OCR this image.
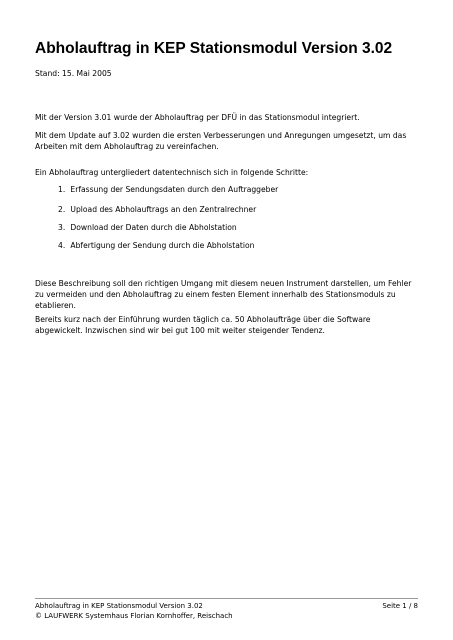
Abholauftrag in KEP Stationsmodul Version 3.02

Stand: 15. Mai 2005

Mit der Version 3.01 wurde der Abholauftrag per DFÜ in das Stationsmodul integriert.

Mit dem Update auf 3.02 wurden die ersten Verbesserungen und Anregungen umgesetzt, um das Arbeiten mit dem Abholauftrag zu vereinfachen.

Ein Abholauftrag untergliedert datentechnisch sich in folgende Schritte:

1. Erfassung der Sendungsdaten durch den Auftraggeber

2. Upload des Abholauftrags an den Zentralrechner

3. Download der Daten durch die Abholstation

4. Abfertigung der Sendung durch die Abholstation

Diese Beschreibung soll den richtigen Umgang mit diesem neuen Instrument darstellen, um Fehler zu vermeiden und den Abholauftrag zu einem festen Element innerhalb des Stationsmoduls zu etablieren.

Bereits kurz nach der Einführung wurden täglich ca. 50 Abholaufträge über die Software abgewickelt. Inzwischen sind wir bei gut 100 mit weiter steigender Tendenz.

Abholauftrag in KEP Stationsmodul Version 3.02

© LAUFWERK Systemhaus Florian Kornhoffer, Reischach

Seite 1 / 8
